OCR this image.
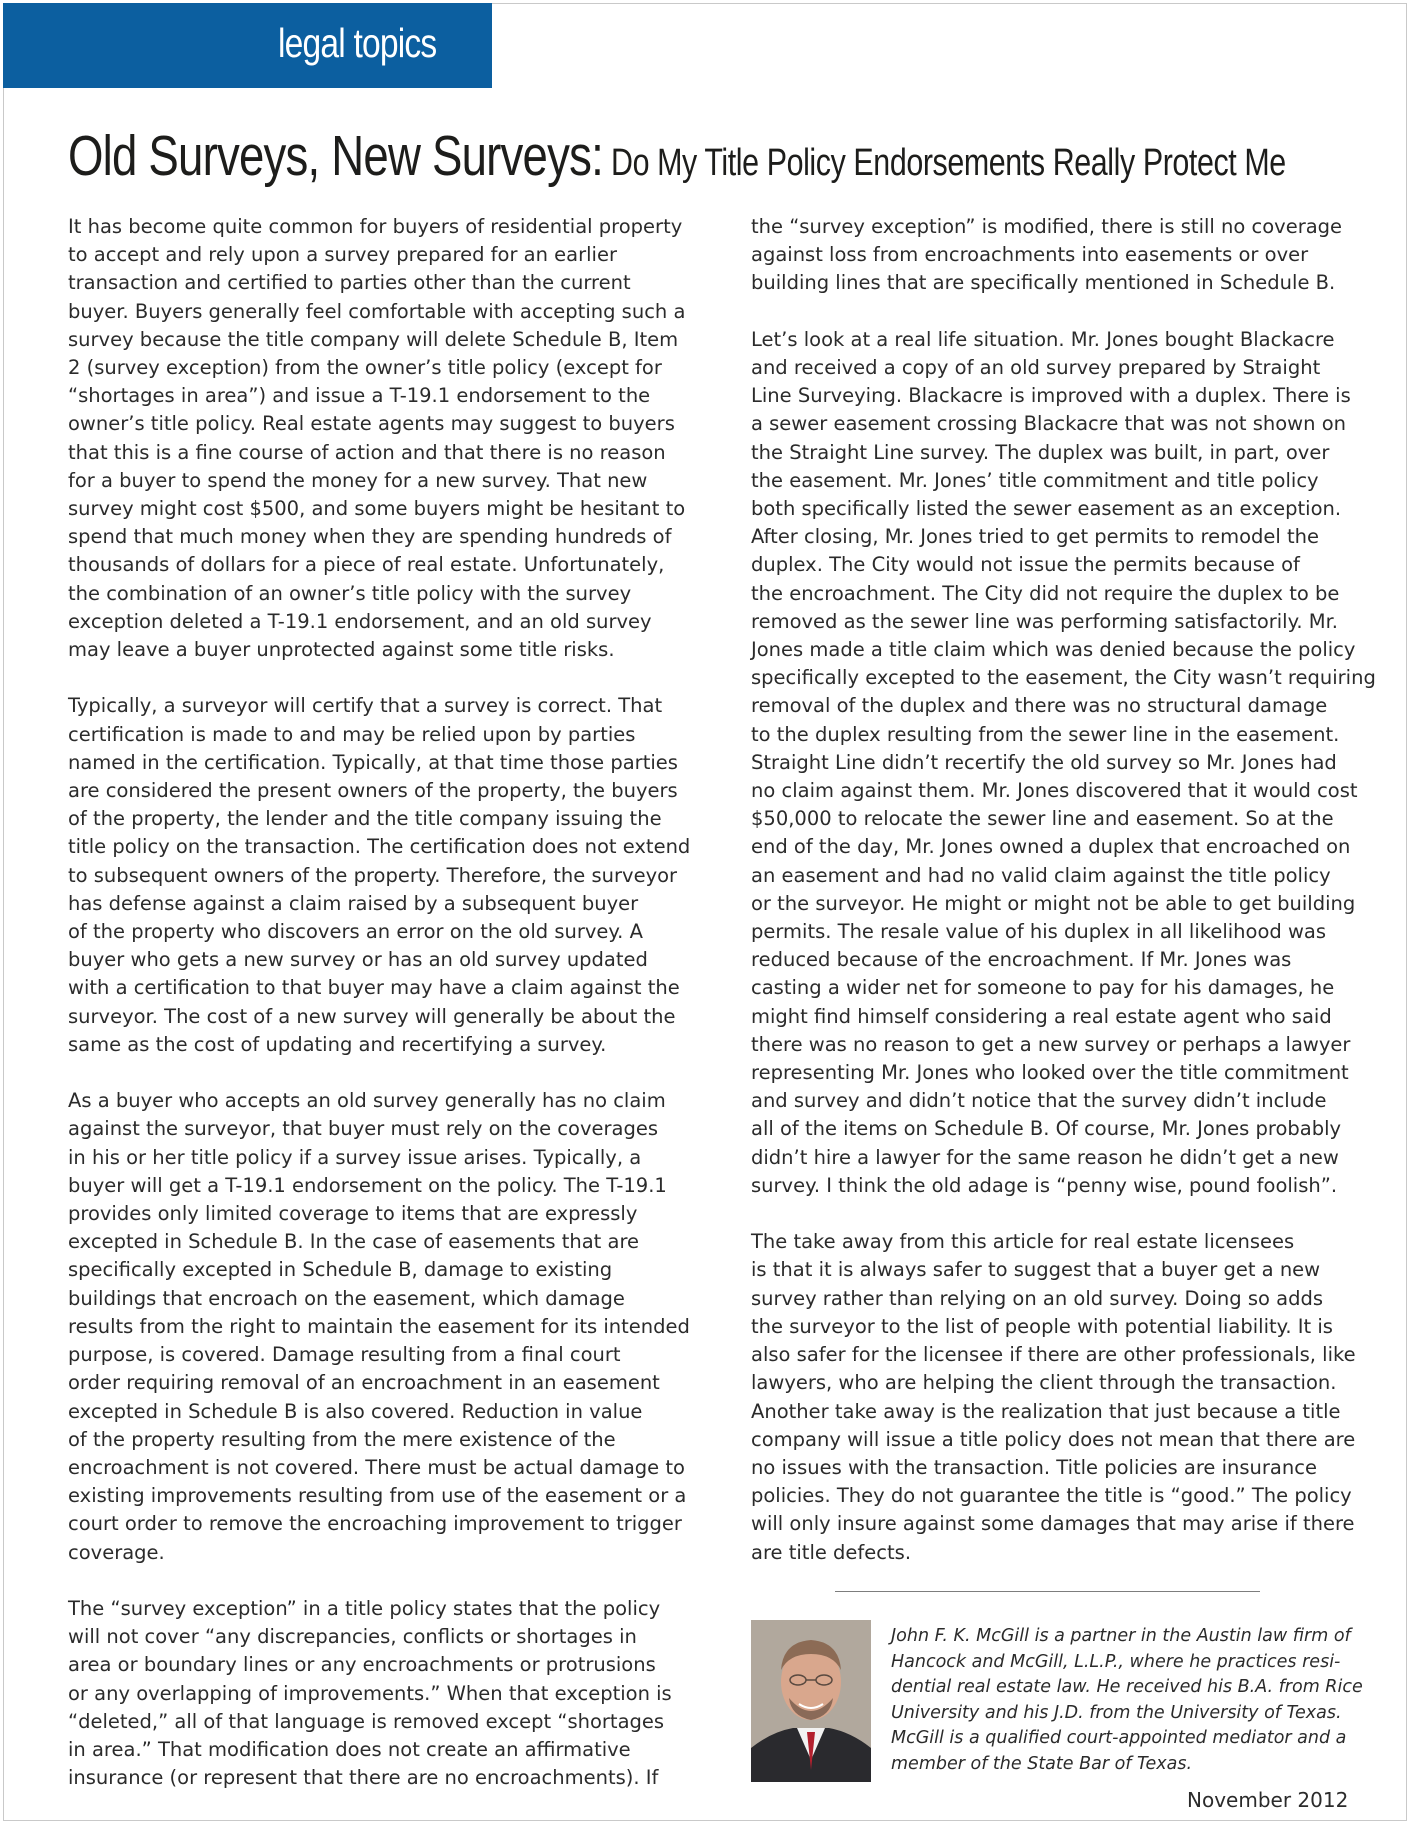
legal topics
Old Surveys, New Surveys: Do My Title Policy Endorsements Really Protect Me

It has become quite common for buyers of residential property
to accept and rely upon a survey prepared for an earlier
transaction and certified to parties other than the current
buyer. Buyers generally feel comfortable with accepting such a
survey because the title company will delete Schedule B, Item
2 (survey exception) from the owner’s title policy (except for
“shortages in area”) and issue a T-19.1 endorsement to the
owner’s title policy. Real estate agents may suggest to buyers
that this is a fine course of action and that there is no reason
for a buyer to spend the money for a new survey. That new
survey might cost $500, and some buyers might be hesitant to
spend that much money when they are spending hundreds of
thousands of dollars for a piece of real estate. Unfortunately,
the combination of an owner’s title policy with the survey
exception deleted a T-19.1 endorsement, and an old survey
may leave a buyer unprotected against some title risks.

Typically, a surveyor will certify that a survey is correct. That
certification is made to and may be relied upon by parties
named in the certification. Typically, at that time those parties
are considered the present owners of the property, the buyers
of the property, the lender and the title company issuing the
title policy on the transaction. The certification does not extend
to subsequent owners of the property. Therefore, the surveyor
has defense against a claim raised by a subsequent buyer
of the property who discovers an error on the old survey. A
buyer who gets a new survey or has an old survey updated
with a certification to that buyer may have a claim against the
surveyor. The cost of a new survey will generally be about the
same as the cost of updating and recertifying a survey.

As a buyer who accepts an old survey generally has no claim
against the surveyor, that buyer must rely on the coverages
in his or her title policy if a survey issue arises. Typically, a
buyer will get a T-19.1 endorsement on the policy. The T-19.1
provides only limited coverage to items that are expressly
excepted in Schedule B. In the case of easements that are
specifically excepted in Schedule B, damage to existing
buildings that encroach on the easement, which damage
results from the right to maintain the easement for its intended
purpose, is covered. Damage resulting from a final court
order requiring removal of an encroachment in an easement
excepted in Schedule B is also covered. Reduction in value
of the property resulting from the mere existence of the
encroachment is not covered. There must be actual damage to
existing improvements resulting from use of the easement or a
court order to remove the encroaching improvement to trigger
coverage.

The “survey exception” in a title policy states that the policy
will not cover “any discrepancies, conflicts or shortages in
area or boundary lines or any encroachments or protrusions
or any overlapping of improvements.” When that exception is
“deleted,” all of that language is removed except “shortages
in area.” That modification does not create an affirmative
insurance (or represent that there are no encroachments). If

the “survey exception” is modified, there is still no coverage
against loss from encroachments into easements or over
building lines that are specifically mentioned in Schedule B.

Let’s look at a real life situation. Mr. Jones bought Blackacre
and received a copy of an old survey prepared by Straight
Line Surveying. Blackacre is improved with a duplex. There is
a sewer easement crossing Blackacre that was not shown on
the Straight Line survey. The duplex was built, in part, over
the easement. Mr. Jones’ title commitment and title policy
both specifically listed the sewer easement as an exception.
After closing, Mr. Jones tried to get permits to remodel the
duplex. The City would not issue the permits because of
the encroachment. The City did not require the duplex to be
removed as the sewer line was performing satisfactorily. Mr.
Jones made a title claim which was denied because the policy
specifically excepted to the easement, the City wasn’t requiring
removal of the duplex and there was no structural damage
to the duplex resulting from the sewer line in the easement.
Straight Line didn’t recertify the old survey so Mr. Jones had
no claim against them. Mr. Jones discovered that it would cost
$50,000 to relocate the sewer line and easement. So at the
end of the day, Mr. Jones owned a duplex that encroached on
an easement and had no valid claim against the title policy
or the surveyor. He might or might not be able to get building
permits. The resale value of his duplex in all likelihood was
reduced because of the encroachment. If Mr. Jones was
casting a wider net for someone to pay for his damages, he
might find himself considering a real estate agent who said
there was no reason to get a new survey or perhaps a lawyer
representing Mr. Jones who looked over the title commitment
and survey and didn’t notice that the survey didn’t include
all of the items on Schedule B. Of course, Mr. Jones probably
didn’t hire a lawyer for the same reason he didn’t get a new
survey. I think the old adage is “penny wise, pound foolish”.

The take away from this article for real estate licensees
is that it is always safer to suggest that a buyer get a new
survey rather than relying on an old survey. Doing so adds
the surveyor to the list of people with potential liability. It is
also safer for the licensee if there are other professionals, like
lawyers, who are helping the client through the transaction.
Another take away is the realization that just because a title
company will issue a title policy does not mean that there are
no issues with the transaction. Title policies are insurance
policies. They do not guarantee the title is “good.” The policy
will only insure against some damages that may arise if there
are title defects.

John F. K. McGill is a partner in the Austin law firm of
Hancock and McGill, L.L.P., where he practices resi-
dential real estate law. He received his B.A. from Rice
University and his J.D. from the University of Texas.
McGill is a qualified court-appointed mediator and a
member of the State Bar of Texas.
November 2012
